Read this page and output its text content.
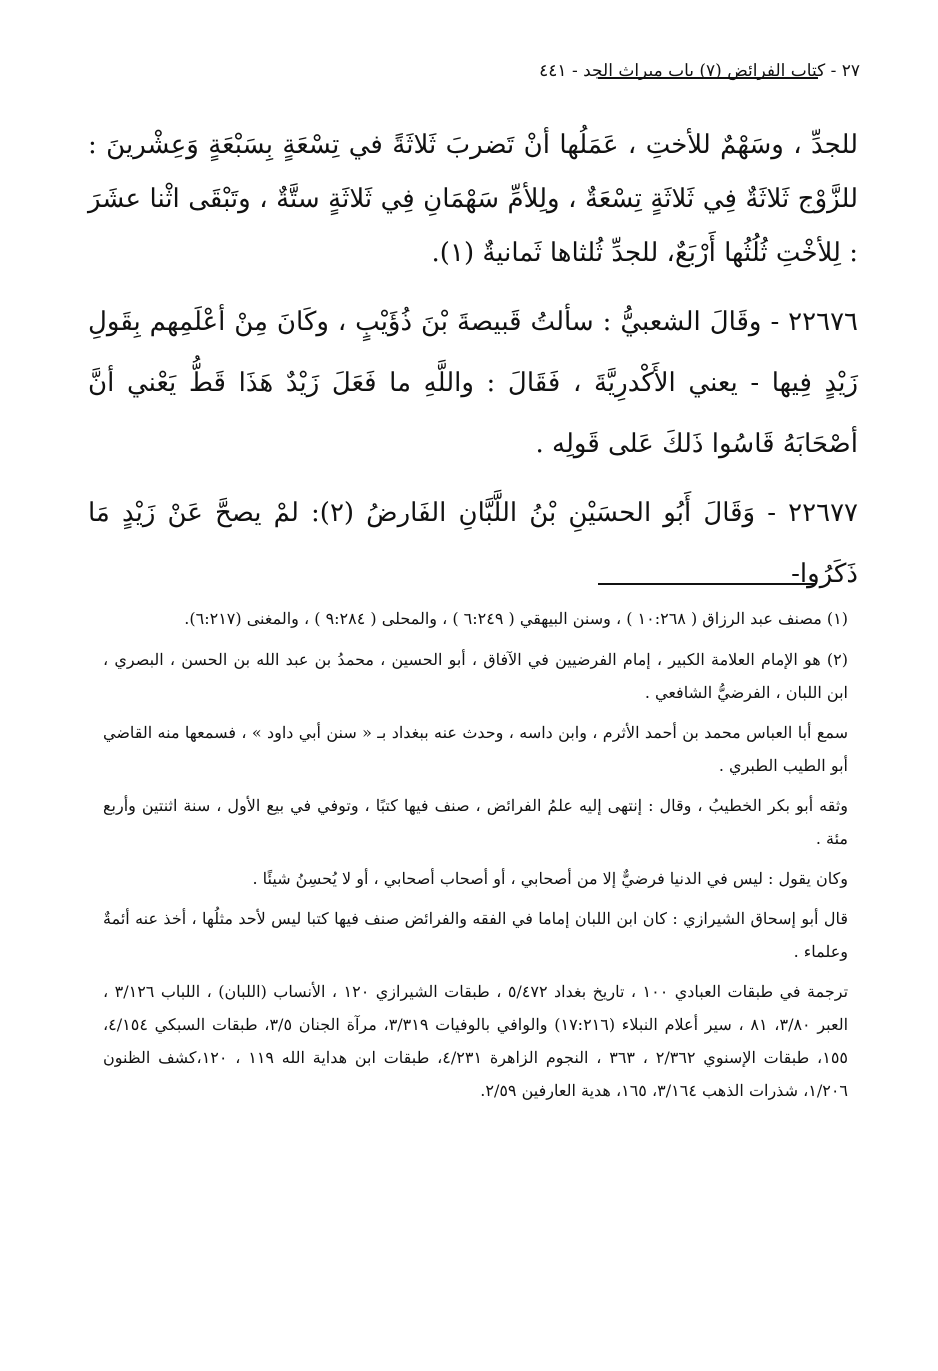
٢٧ - كتاب الفرائض (٧) باب ميراث الجد - ٤٤١

للجدِّ ، وسَهْمٌ للأختِ ، عَمَلُها أنْ تَضربَ ثَلاثَةً في تِسْعَةٍ بِسَبْعَةٍ وَعِشْرينَ : للزَّوْج ثَلاثَةٌ فِي ثَلاثَةٍ تِسْعَةٌ ، ولِلأمِّ سَهْمَانِ فِي ثَلاثَةٍ ستَّةٌ ، وتَبْقَى اثْنا عشَرَ : لِلأخْتِ ثُلُثُها أَرْبَعٌ، للجدِّ ثُلثاها ثَمانيةٌ (١).

٢٢٦٧٦ - وقَالَ الشعبيُّ : سألتُ قَبيصةَ بْنَ ذُؤَيْبٍ ، وكَانَ مِنْ أعْلَمِهم بِقَولِ زَيْدٍ فِيها - يعني الأَكْدرِيَّةَ ، فَقَالَ : واللَّهِ ما فَعَلَ زَيْدٌ هَذَا قَطُّ يَعْني أنَّ أصْحَابَهُ قَاسُوا ذَلكَ عَلى قَولِه .

٢٢٦٧٧ - وَقَالَ أَبُو الحسَيْنِ بْنُ اللَّبَّانِ الفَارضُ (٢): لمْ يصحَّ عَنْ زَيْدٍ مَا ذَكَرُوا-

(١) مصنف عبد الرزاق ( ١٠:٢٦٨ ) ، وسنن البيهقي ( ٦:٢٤٩ ) ، والمحلى ( ٩:٢٨٤ ) ، والمغنى (٦:٢١٧).

(٢) هو الإمام العلامة الكبير ، إمام الفرضيين في الآفاق ، أبو الحسين ، محمدُ بن عبد الله بن الحسن ، البصري ، ابن اللبان ، الفرضيُّ الشافعي .

سمع أبا العباس محمد بن أحمد الأثرم ، وابن داسه ، وحدث عنه ببغداد بـ « سنن أبي داود » ، فسمعها منه القاضي أبو الطيب الطبري .

وثقه أبو بكر الخطيبُ ، وقال : إنتهى إليه علمُ الفرائض ، صنف فيها كتبًا ، وتوفي في بيع الأول ، سنة اثنتين وأربع مئة .

وكان يقول : ليس في الدنيا فرضيٌّ إلا من أصحابي ، أو أصحاب أصحابي ، أو لا يُحسِنُ شيئًا .

قال أبو إسحاق الشيرازي : كان ابن اللبان إماما في الفقه والفرائض صنف فيها كتبا ليس لأحد مثلُها ، أخذ عنه أئمةٌ وعلماء .

ترجمة في طبقات العبادي ١٠٠ ، تاريخ بغداد ٥/٤٧٢ ، طبقات الشيرازي ١٢٠ ، الأنساب (اللبان) ، اللباب ٣/١٢٦ ، العبر ٣/٨٠، ٨١ ، سير أعلام النبلاء (١٧:٢١٦) والوافي بالوفيات ٣/٣١٩، مرآة الجنان ٣/٥، طبقات السبكي ٤/١٥٤، ١٥٥، طبقات الإسنوي ٢/٣٦٢ ، ٣٦٣ ، النجوم الزاهرة ٤/٢٣١، طبقات ابن هداية الله ١١٩ ، ١٢٠،كشف الظنون ١/٢٠٦، شذرات الذهب ٣/١٦٤، ١٦٥، هدية العارفين ٢/٥٩.
